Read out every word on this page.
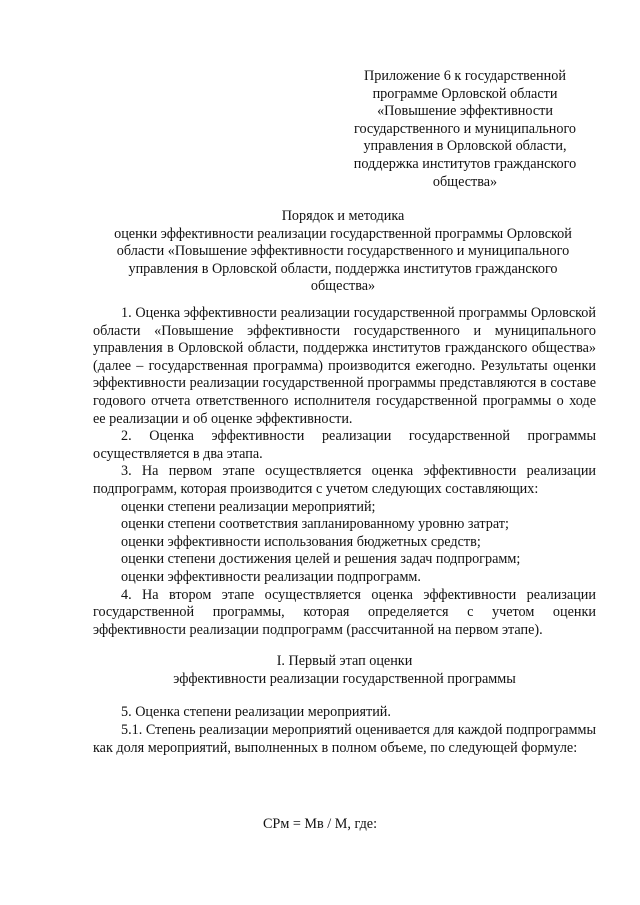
Приложение 6 к государственной
программе Орловской области
«Повышение эффективности
государственного и муниципального
управления в Орловской области,
поддержка институтов гражданского
общества»
Порядок и методика
оценки эффективности реализации государственной программы Орловской
области «Повышение эффективности государственного и муниципального
управления в Орловской области, поддержка институтов гражданского
общества»

1. Оценка эффективности реализации государственной программы Орловской области «Повышение эффективности государственного и муниципального управления в Орловской области, поддержка институтов гражданского общества» (далее – государственная программа) производится ежегодно. Результаты оценки эффективности реализации государственной программы представляются в составе годового отчета ответственного исполнителя государственной программы о ходе ее реализации и об оценке эффективности.

2. Оценка эффективности реализации государственной программы осуществляется в два этапа.

3. На первом этапе осуществляется оценка эффективности реализации подпрограмм, которая производится с учетом следующих составляющих:

оценки степени реализации мероприятий;
оценки степени соответствия запланированному уровню затрат;
оценки эффективности использования бюджетных средств;
оценки степени достижения целей и решения задач подпрограмм;
оценки эффективности реализации подпрограмм.

4. На втором этапе осуществляется оценка эффективности реализации государственной программы, которая определяется с учетом оценки эффективности реализации подпрограмм (рассчитанной на первом этапе).

I. Первый этап оценки
эффективности реализации государственной программы

5. Оценка степени реализации мероприятий.

5.1. Степень реализации мероприятий оценивается для каждой подпрограммы как доля мероприятий, выполненных в полном объеме, по следующей формуле:

СРм = Мв / М, где:
